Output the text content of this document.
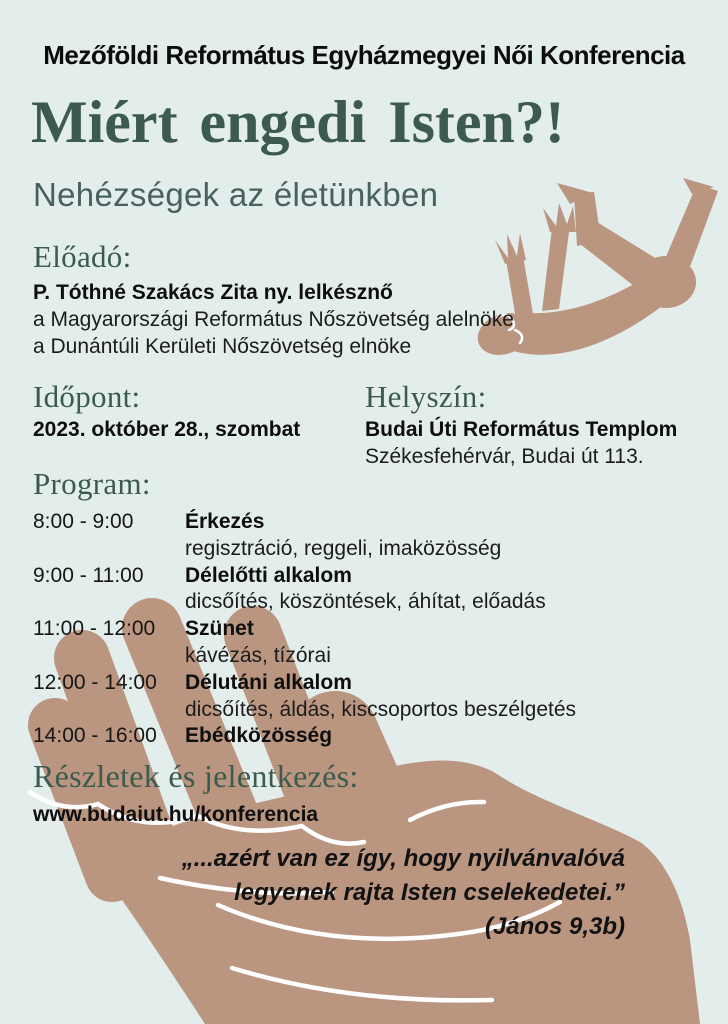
Mezőföldi Református Egyházmegyei Női Konferencia
Miért engedi Isten?!
Nehézségek az életünkben
Előadó:
P. Tóthné Szakács Zita ny. lelkésznő
a Magyarországi Református Nőszövetség alelnöke
a Dunántúli Kerületi Nőszövetség elnöke
Időpont:
2023. október 28., szombat
Helyszín:
Budai Úti Református Templom
Székesfehérvár, Budai út 113.
Program:
8:00 - 9:00	Érkezés
regisztráció, reggeli, imaközösség
9:00 - 11:00	Délelőtti alkalom
dicsőítés, köszöntések, áhítat, előadás
11:00 - 12:00	Szünet
kávézás, tízórai
12:00 - 14:00	Délutáni alkalom
dicsőítés, áldás, kiscsoportos beszélgetés
14:00 - 16:00	Ebédközösség
Részletek és jelentkezés:
www.budaiut.hu/konferencia
„...azért van ez így, hogy nyilvánvalóvá
legyenek rajta Isten cselekedetei.”
(János 9,3b)
